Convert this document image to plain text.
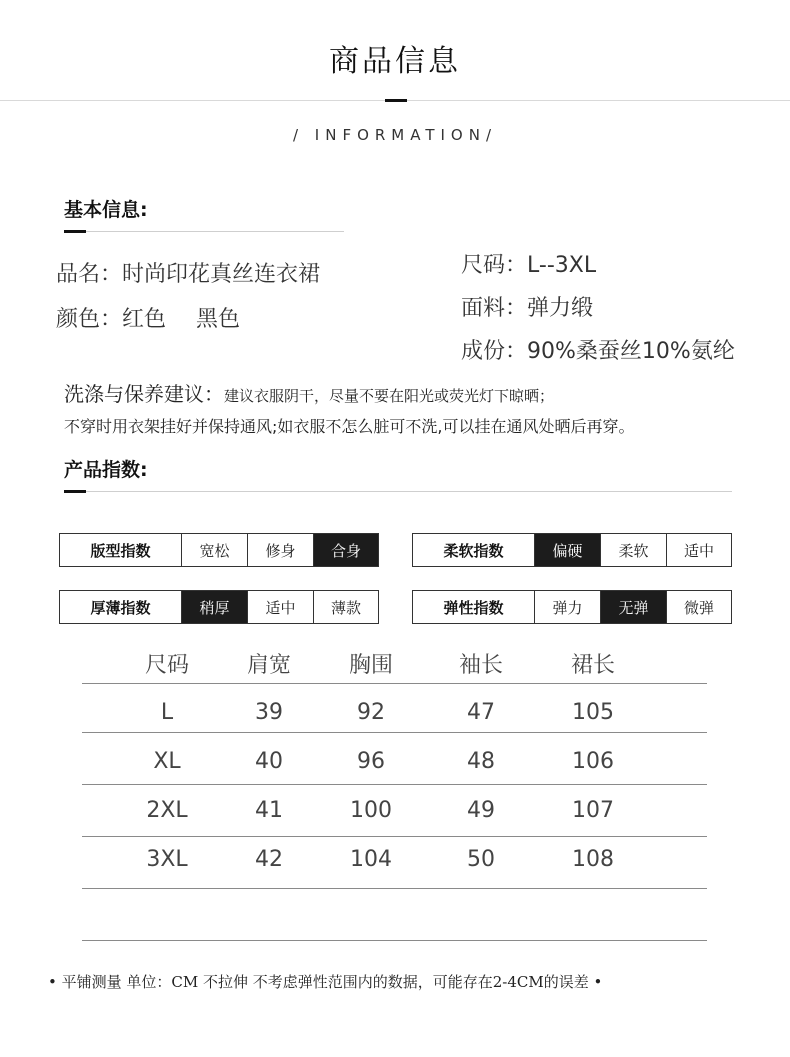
商品信息
/ INFORMATION/
基本信息:
品名：时尚印花真丝连衣裙
颜色：红色 黑色
尺码：L--3XL
面料：弹力缎
成份：90%桑蚕丝10%氨纶
洗涤与保养建议：建议衣服阴干，尽量不要在阳光或荧光灯下晾晒；
不穿时用衣架挂好并保持通风;如衣服不怎么脏可不洗,可以挂在通风处晒后再穿。
产品指数:
版型指数	宽松	修身	合身	柔软指数	偏硬	柔软	适中
厚薄指数	稍厚	适中	薄款	弹性指数	弹力	无弹	微弹
尺码	肩宽	胸围	袖长	裙长
L	39	92	47	105
XL	40	96	48	106
2XL	41	100	49	107
3XL	42	104	50	108
• 平铺测量 单位：CM 不拉伸 不考虑弹性范围内的数据，可能存在2-4CM的误差 •
